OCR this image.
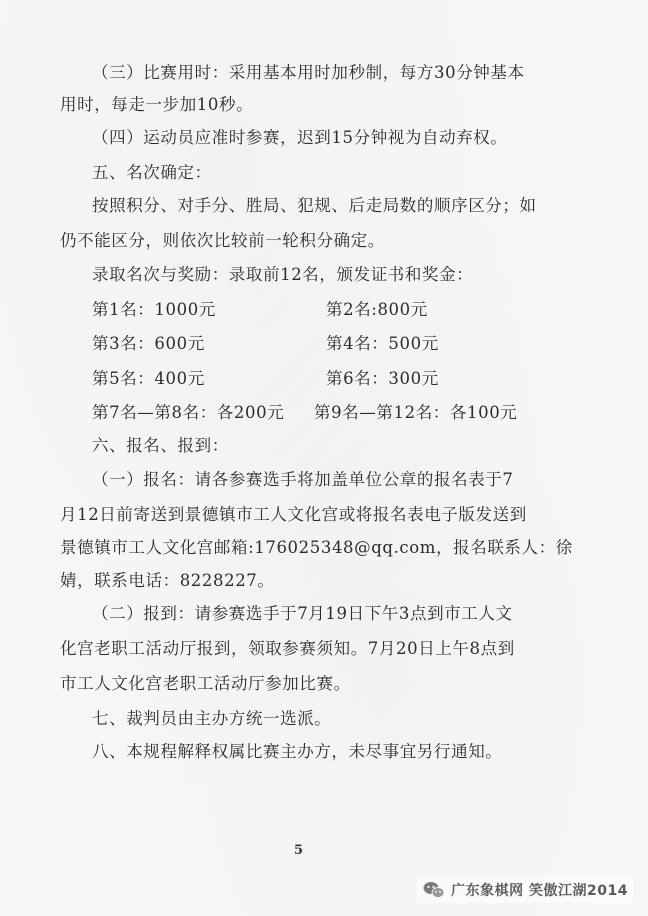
（三）比赛用时：采用基本用时加秒制，每方30分钟基本
用时，每走一步加10秒。
（四）运动员应准时参赛，迟到15分钟视为自动弃权。
五、名次确定：
按照积分、对手分、胜局、犯规、后走局数的顺序区分；如
仍不能区分，则依次比较前一轮积分确定。
录取名次与奖励：录取前12名，颁发证书和奖金：
第1名：1000元	第2名:800元
第3名：600元	第4名：500元
第5名：400元	第6名：300元
第7名—第8名：各200元 第9名—第12名：各100元
六、报名、报到：
（一）报名：请各参赛选手将加盖单位公章的报名表于7
月12日前寄送到景德镇市工人文化宫或将报名表电子版发送到
景德镇市工人文化宫邮箱:176025348@qq.com，报名联系人：徐
婧，联系电话：8228227。
（二）报到：请参赛选手于7月19日下午3点到市工人文
化宫老职工活动厅报到，领取参赛须知。7月20日上午8点到
市工人文化宫老职工活动厅参加比赛。
七、裁判员由主办方统一选派。
八、本规程解释权属比赛主办方，未尽事宜另行通知。
5
广东象棋网 笑傲江湖2014
